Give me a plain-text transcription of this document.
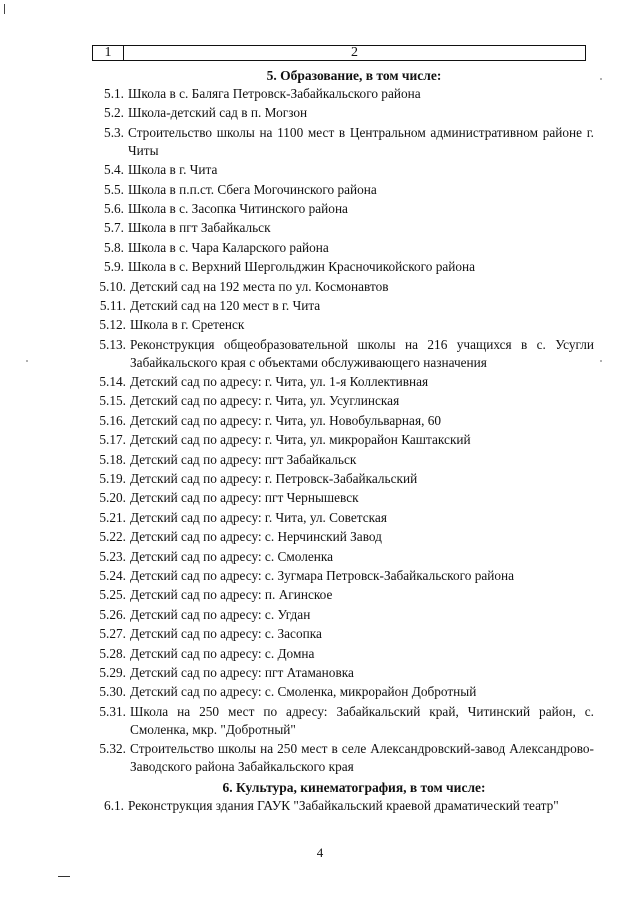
1	2
5. Образование, в том числе:
5.1. Школа в с. Баляга Петровск-Забайкальского района
5.2. Школа-детский сад в п. Могзон
5.3. Строительство школы на 1100 мест в Центральном административном районе г. Читы
5.4. Школа в г. Чита
5.5. Школа в п.п.ст. Сбега Могочинского района
5.6. Школа в с. Засопка Читинского района
5.7. Школа в пгт Забайкальск
5.8. Школа в с. Чара Каларского района
5.9. Школа в с. Верхний Шергольджин Красночикойского района
5.10. Детский сад на 192 места по ул. Космонавтов
5.11. Детский сад на 120 мест в г. Чита
5.12. Школа в г. Сретенск
5.13. Реконструкция общеобразовательной школы на 216 учащихся в с. Усугли Забайкальского края с объектами обслуживающего назначения
5.14. Детский сад по адресу: г. Чита, ул. 1-я Коллективная
5.15. Детский сад по адресу: г. Чита, ул. Усуглинская
5.16. Детский сад по адресу: г. Чита, ул. Новобульварная, 60
5.17. Детский сад по адресу: г. Чита, ул. микрорайон Каштакский
5.18. Детский сад по адресу: пгт Забайкальск
5.19. Детский сад по адресу: г. Петровск-Забайкальский
5.20. Детский сад по адресу: пгт Чернышевск
5.21. Детский сад по адресу: г. Чита, ул. Советская
5.22. Детский сад по адресу: с. Нерчинский Завод
5.23. Детский сад по адресу: с. Смоленка
5.24. Детский сад по адресу: с. Зугмара Петровск-Забайкальского района
5.25. Детский сад по адресу: п. Агинское
5.26. Детский сад по адресу: с. Угдан
5.27. Детский сад по адресу: с. Засопка
5.28. Детский сад по адресу: с. Домна
5.29. Детский сад по адресу: пгт Атамановка
5.30. Детский сад по адресу: с. Смоленка, микрорайон Добротный
5.31. Школа на 250 мест по адресу: Забайкальский край, Читинский район, с. Смоленка, мкр. "Добротный"
5.32. Строительство школы на 250 мест в селе Александровский-завод Александрово-Заводского района Забайкальского края
6. Культура, кинематография, в том числе:
6.1. Реконструкция здания ГАУК "Забайкальский краевой драматический театр"
4
